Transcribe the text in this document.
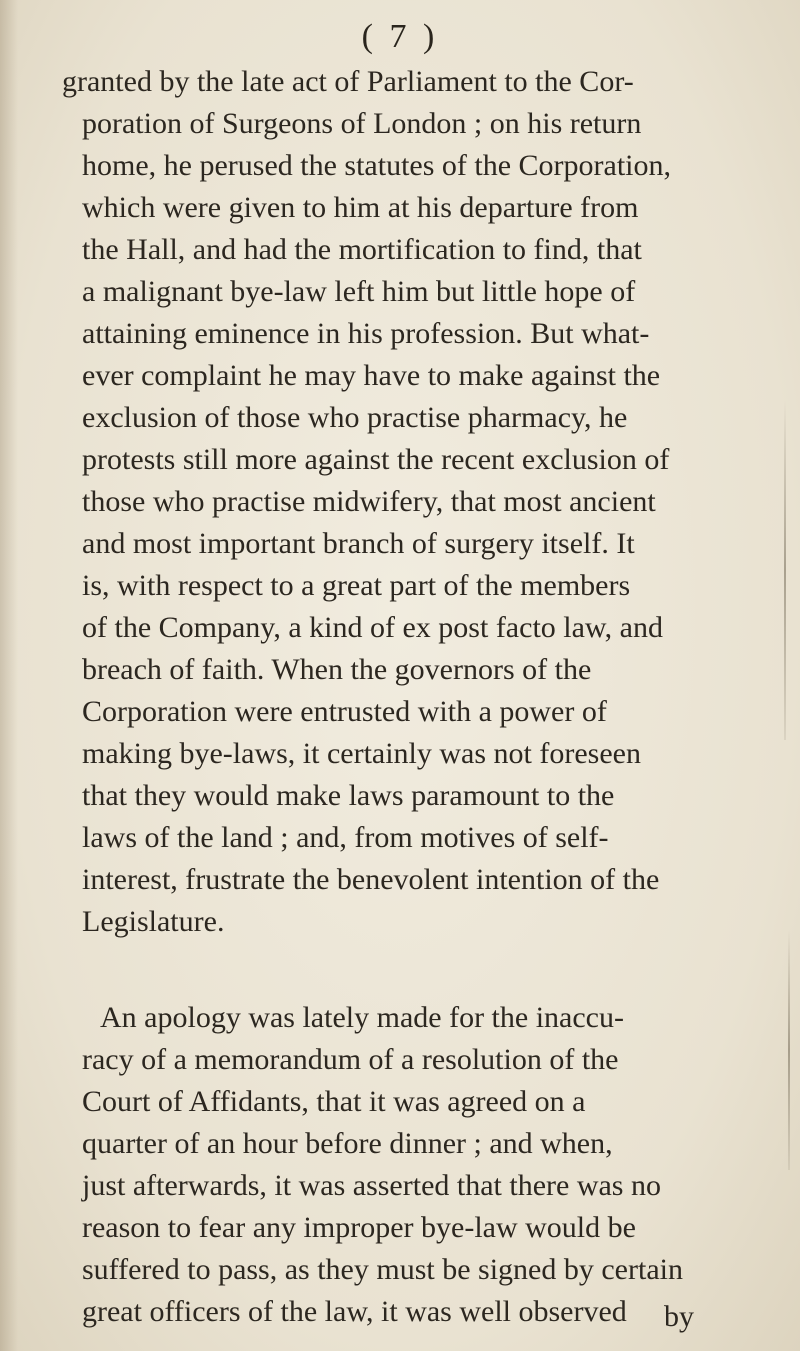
( 7 )
granted by the late act of Parliament to the Cor-
poration of Surgeons of London ; on his return
home, he perused the statutes of the Corporation,
which were given to him at his departure from
the Hall, and had the mortification to find, that
a malignant bye-law left him but little hope of
attaining eminence in his profession. But what-
ever complaint he may have to make against the
exclusion of those who practise pharmacy, he
protests still more against the recent exclusion of
those who practise midwifery, that most ancient
and most important branch of surgery itself. It
is, with respect to a great part of the members
of the Company, a kind of ex post facto law, and
breach of faith. When the governors of the
Corporation were entrusted with a power of
making bye-laws, it certainly was not foreseen
that they would make laws paramount to the
laws of the land ; and, from motives of self-
interest, frustrate the benevolent intention of the
Legislature.
An apology was lately made for the inaccu-
racy of a memorandum of a resolution of the
Court of Affidants, that it was agreed on a
quarter of an hour before dinner ; and when,
just afterwards, it was asserted that there was no
reason to fear any improper bye-law would be
suffered to pass, as they must be signed by certain
great officers of the law, it was well observed by
